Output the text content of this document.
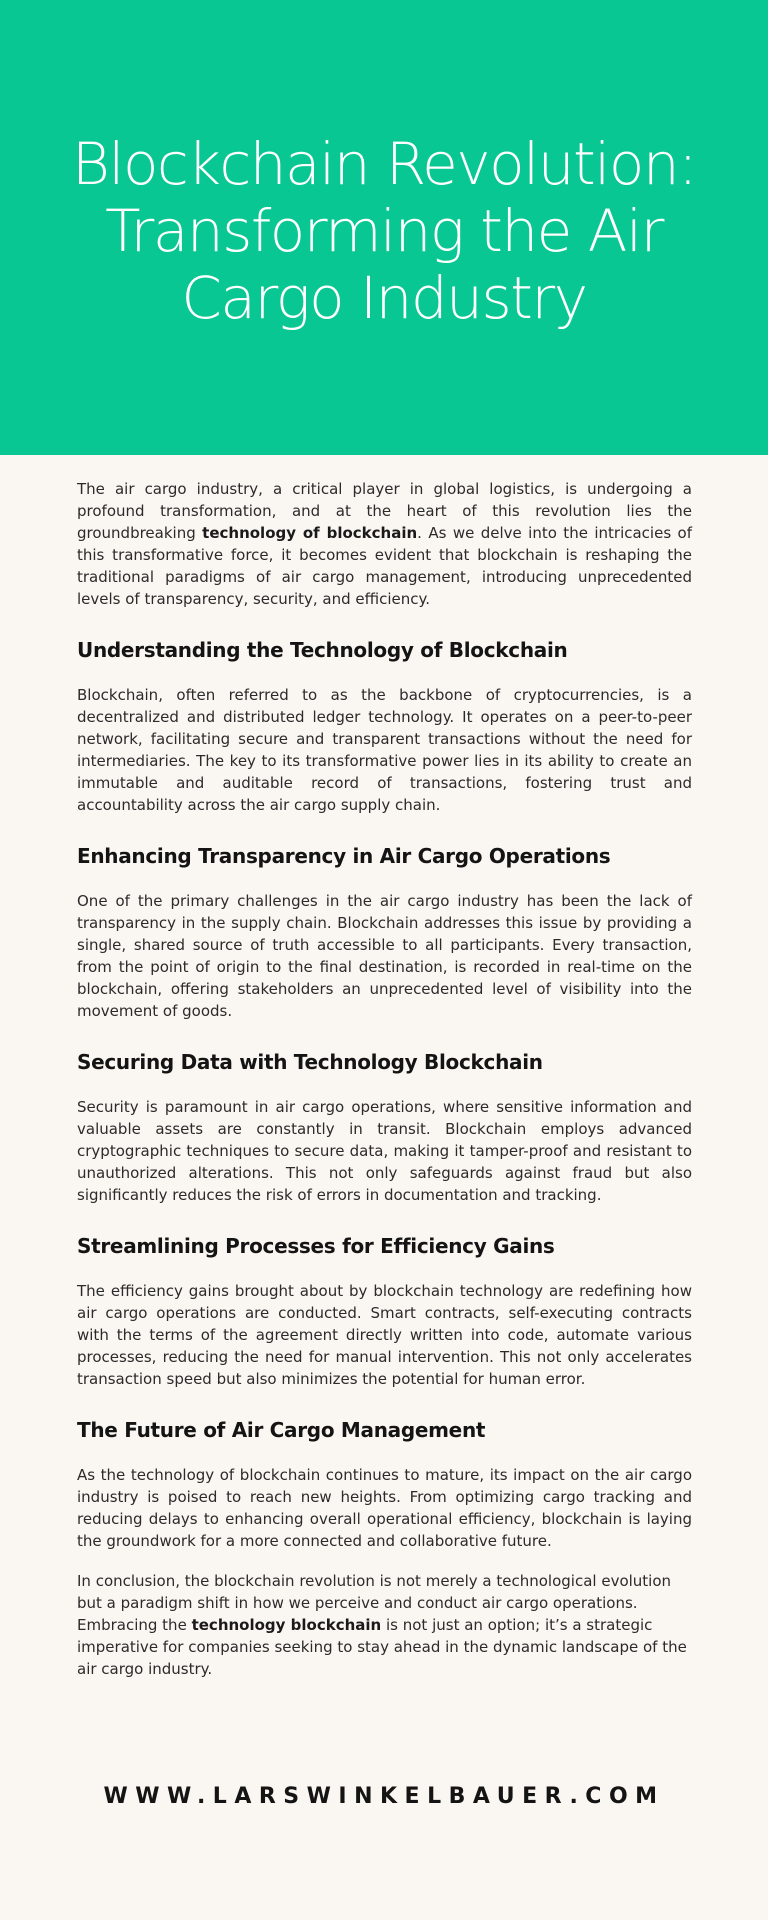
Blockchain Revolution: Transforming the Air Cargo Industry

The air cargo industry, a critical player in global logistics, is undergoing a profound transformation, and at the heart of this revolution lies the groundbreaking technology of blockchain. As we delve into the intricacies of this transformative force, it becomes evident that blockchain is reshaping the traditional paradigms of air cargo management, introducing unprecedented levels of transparency, security, and efficiency.

Understanding the Technology of Blockchain

Blockchain, often referred to as the backbone of cryptocurrencies, is a decentralized and distributed ledger technology. It operates on a peer-to-peer network, facilitating secure and transparent transactions without the need for intermediaries. The key to its transformative power lies in its ability to create an immutable and auditable record of transactions, fostering trust and accountability across the air cargo supply chain.

Enhancing Transparency in Air Cargo Operations

One of the primary challenges in the air cargo industry has been the lack of transparency in the supply chain. Blockchain addresses this issue by providing a single, shared source of truth accessible to all participants. Every transaction, from the point of origin to the final destination, is recorded in real-time on the blockchain, offering stakeholders an unprecedented level of visibility into the movement of goods.

Securing Data with Technology Blockchain

Security is paramount in air cargo operations, where sensitive information and valuable assets are constantly in transit. Blockchain employs advanced cryptographic techniques to secure data, making it tamper-proof and resistant to unauthorized alterations. This not only safeguards against fraud but also significantly reduces the risk of errors in documentation and tracking.

Streamlining Processes for Efficiency Gains

The efficiency gains brought about by blockchain technology are redefining how air cargo operations are conducted. Smart contracts, self-executing contracts with the terms of the agreement directly written into code, automate various processes, reducing the need for manual intervention. This not only accelerates transaction speed but also minimizes the potential for human error.

The Future of Air Cargo Management

As the technology of blockchain continues to mature, its impact on the air cargo industry is poised to reach new heights. From optimizing cargo tracking and reducing delays to enhancing overall operational efficiency, blockchain is laying the groundwork for a more connected and collaborative future.

In conclusion, the blockchain revolution is not merely a technological evolution but a paradigm shift in how we perceive and conduct air cargo operations. Embracing the technology blockchain is not just an option; it’s a strategic imperative for companies seeking to stay ahead in the dynamic landscape of the air cargo industry.

WWW.LARSWINKELBAUER.COM
